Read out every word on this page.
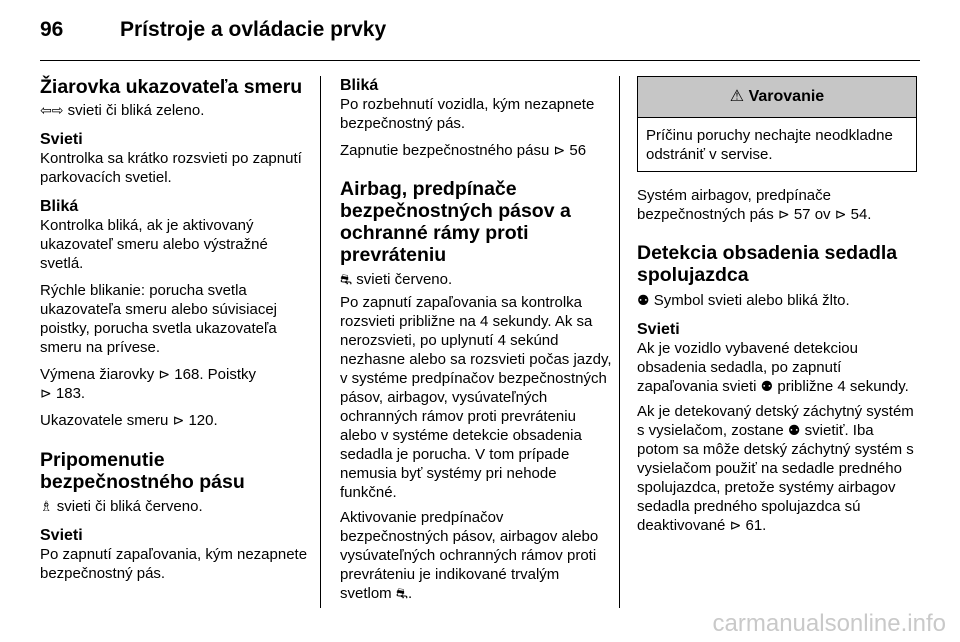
96	Prístroje a ovládacie prvky
Žiarovka ukazovateľa smeru

⇦⇨ svieti či bliká zeleno.

Svieti

Kontrolka sa krátko rozsvieti po zapnutí parkovacích svetiel.

Bliká

Kontrolka bliká, ak je aktivovaný ukazovateľ smeru alebo výstražné svetlá.

Rýchle blikanie: porucha svetla ukazovateľa smeru alebo súvisiacej poistky, porucha svetla ukazovateľa smeru na prívese.

Výmena žiarovky ⊳ 168. Poistky
⊳ 183.

Ukazovatele smeru ⊳ 120.

Pripomenutie bezpečnostného pásu

♗ svieti či bliká červeno.

Svieti

Po zapnutí zapaľovania, kým nezapnete bezpečnostný pás.

Bliká

Po rozbehnutí vozidla, kým nezapnete bezpečnostný pás.

Zapnutie bezpečnostného pásu ⊳ 56

Airbag, predpínače bezpečnostných pásov a ochranné rámy proti prevráteniu

⛐ svieti červeno.

Po zapnutí zapaľovania sa kontrolka rozsvieti približne na 4 sekundy. Ak sa nerozsvieti, po uplynutí 4 sekúnd nezhasne alebo sa rozsvieti počas jazdy, v systéme predpínačov bezpečnostných pásov, airbagov, vysúvateľných ochranných rámov proti prevráteniu alebo v systéme detekcie obsadenia sedadla je porucha. V tom prípade nemusia byť systémy pri nehode funkčné.

Aktivovanie predpínačov bezpečnostných pásov, airbagov alebo vysúvateľných ochranných rámov proti prevráteniu je indikované trvalým svetlom ⛐.

⚠ Varovanie

Príčinu poruchy nechajte neodkladne odstrániť v servise.

Systém airbagov, predpínače bezpečnostných pás ⊳ 57 ov ⊳ 54.

Detekcia obsadenia sedadla spolujazdca

⚉ Symbol svieti alebo bliká žlto.

Svieti

Ak je vozidlo vybavené detekciou obsadenia sedadla, po zapnutí zapaľovania svieti ⚉ približne 4 sekundy.

Ak je detekovaný detský záchytný systém s vysielačom, zostane ⚉ svietiť. Iba potom sa môže detský záchytný systém s vysielačom použiť na sedadle predného spolujazdca, pretože systémy airbagov sedadla predného spolujazdca sú deaktivované ⊳ 61.

carmanualsonline.info
